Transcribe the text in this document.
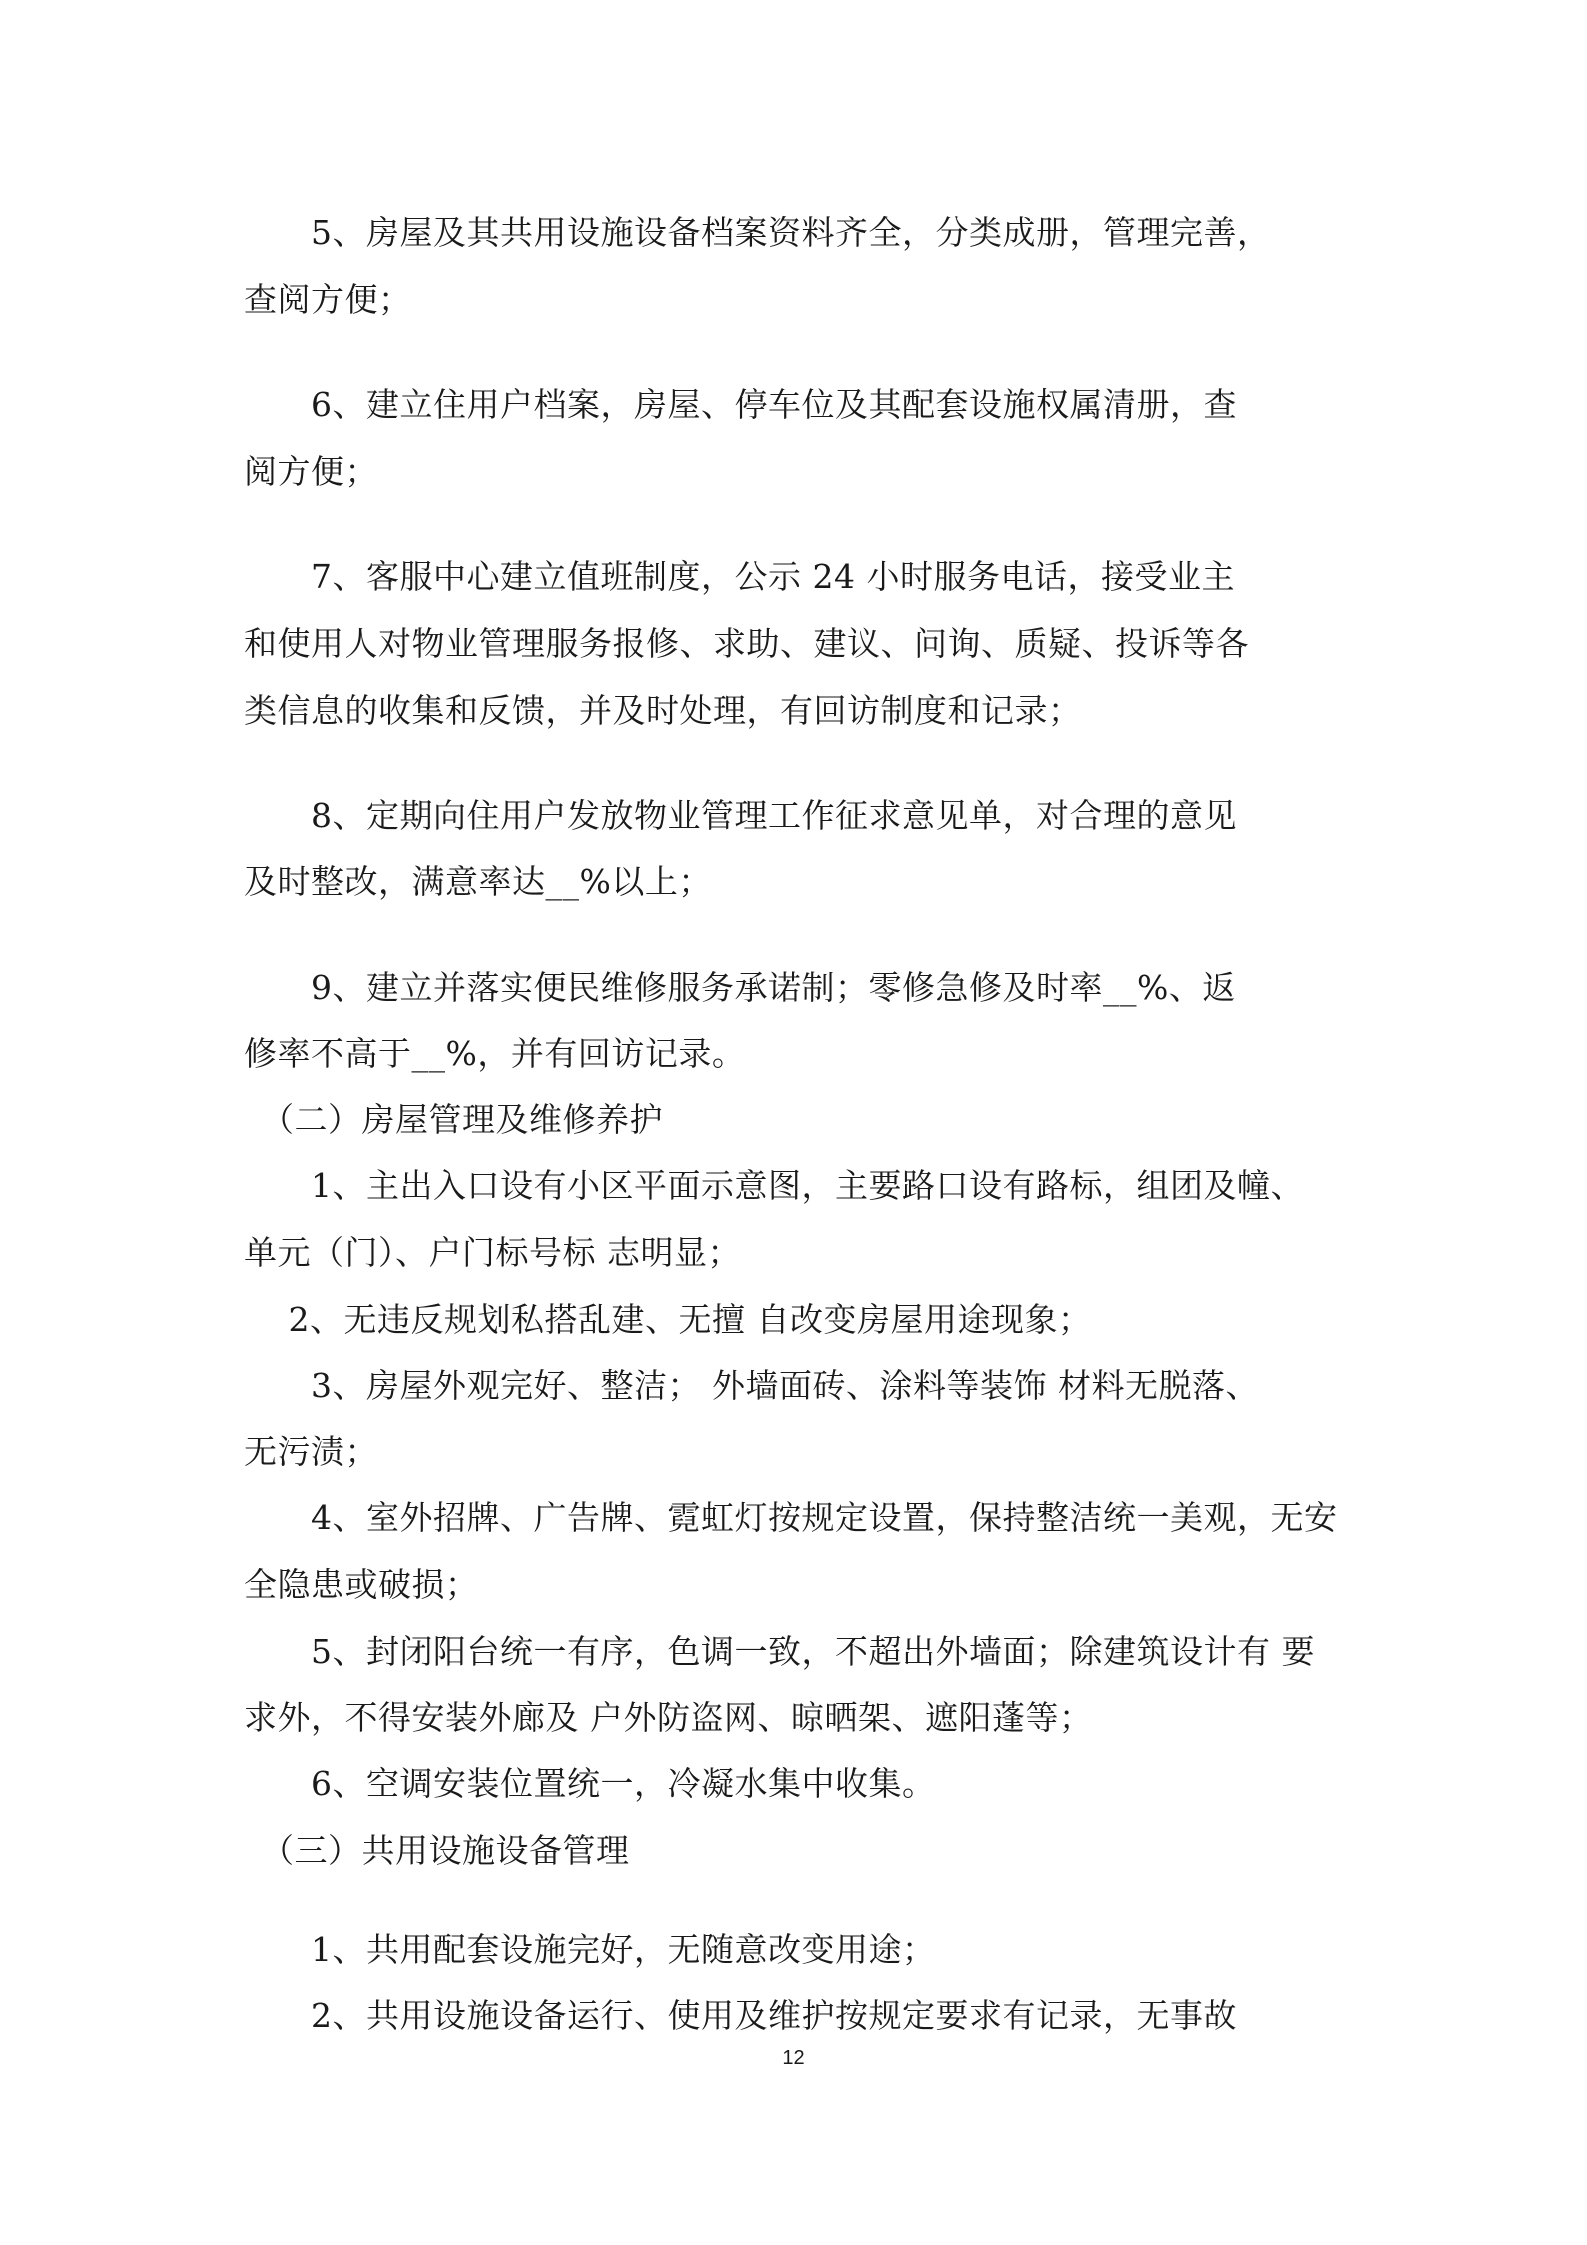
　　5、房屋及其共用设施设备档案资料齐全，分类成册，管理完善，
查阅方便；
　　6、建立住用户档案，房屋、停车位及其配套设施权属清册，查
阅方便；
　　7、客服中心建立值班制度，公示 24 小时服务电话，接受业主
和使用人对物业管理服务报修、求助、建议、问询、质疑、投诉等各
类信息的收集和反馈，并及时处理，有回访制度和记录；
　　8、定期向住用户发放物业管理工作征求意见单，对合理的意见
及时整改，满意率达__%以上；
　　9、建立并落实便民维修服务承诺制；零修急修及时率__%、返
修率不高于__%，并有回访记录。
　（二）房屋管理及维修养护
　　1、主出入口设有小区平面示意图，主要路口设有路标，组团及幢、
单元（门）、户门标号标 志明显；
　 2、无违反规划私搭乱建、无擅 自改变房屋用途现象；
　　3、房屋外观完好、整洁； 外墙面砖、涂料等装饰 材料无脱落、
无污渍；
　　4、室外招牌、广告牌、霓虹灯按规定设置，保持整洁统一美观，无安
全隐患或破损；
　　5、封闭阳台统一有序，色调一致，不超出外墙面；除建筑设计有 要
求外，不得安装外廊及 户外防盗网、晾晒架、遮阳蓬等；
　　6、空调安装位置统一，冷凝水集中收集。
　（三）共用设施设备管理
　　1、共用配套设施完好，无随意改变用途；
　　2、共用设施设备运行、使用及维护按规定要求有记录，无事故
12
